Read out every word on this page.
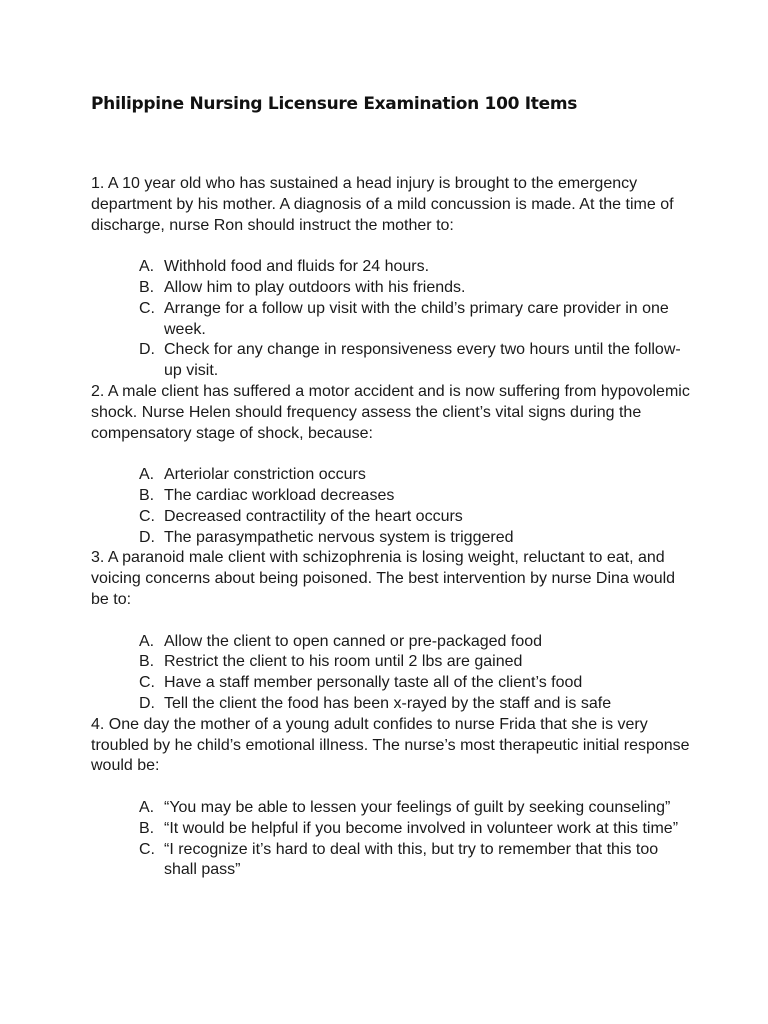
Philippine Nursing Licensure Examination 100 Items

1. A 10 year old who has sustained a head injury is brought to the emergency department by his mother. A diagnosis of a mild concussion is made. At the time of discharge, nurse Ron should instruct the mother to:

A. Withhold food and fluids for 24 hours.
B. Allow him to play outdoors with his friends.
C. Arrange for a follow up visit with the child’s primary care provider in one week.
D. Check for any change in responsiveness every two hours until the follow-up visit.

2. A male client has suffered a motor accident and is now suffering from hypovolemic shock. Nurse Helen should frequency assess the client’s vital signs during the compensatory stage of shock, because:

A. Arteriolar constriction occurs
B. The cardiac workload decreases
C. Decreased contractility of the heart occurs
D. The parasympathetic nervous system is triggered

3. A paranoid male client with schizophrenia is losing weight, reluctant to eat, and voicing concerns about being poisoned. The best intervention by nurse Dina would be to:

A. Allow the client to open canned or pre-packaged food
B. Restrict the client to his room until 2 lbs are gained
C. Have a staff member personally taste all of the client’s food
D. Tell the client the food has been x-rayed by the staff and is safe

4. One day the mother of a young adult confides to nurse Frida that she is very troubled by he child’s emotional illness. The nurse’s most therapeutic initial response would be:

A. “You may be able to lessen your feelings of guilt by seeking counseling”
B. “It would be helpful if you become involved in volunteer work at this time”
C. “I recognize it’s hard to deal with this, but try to remember that this too shall pass”
